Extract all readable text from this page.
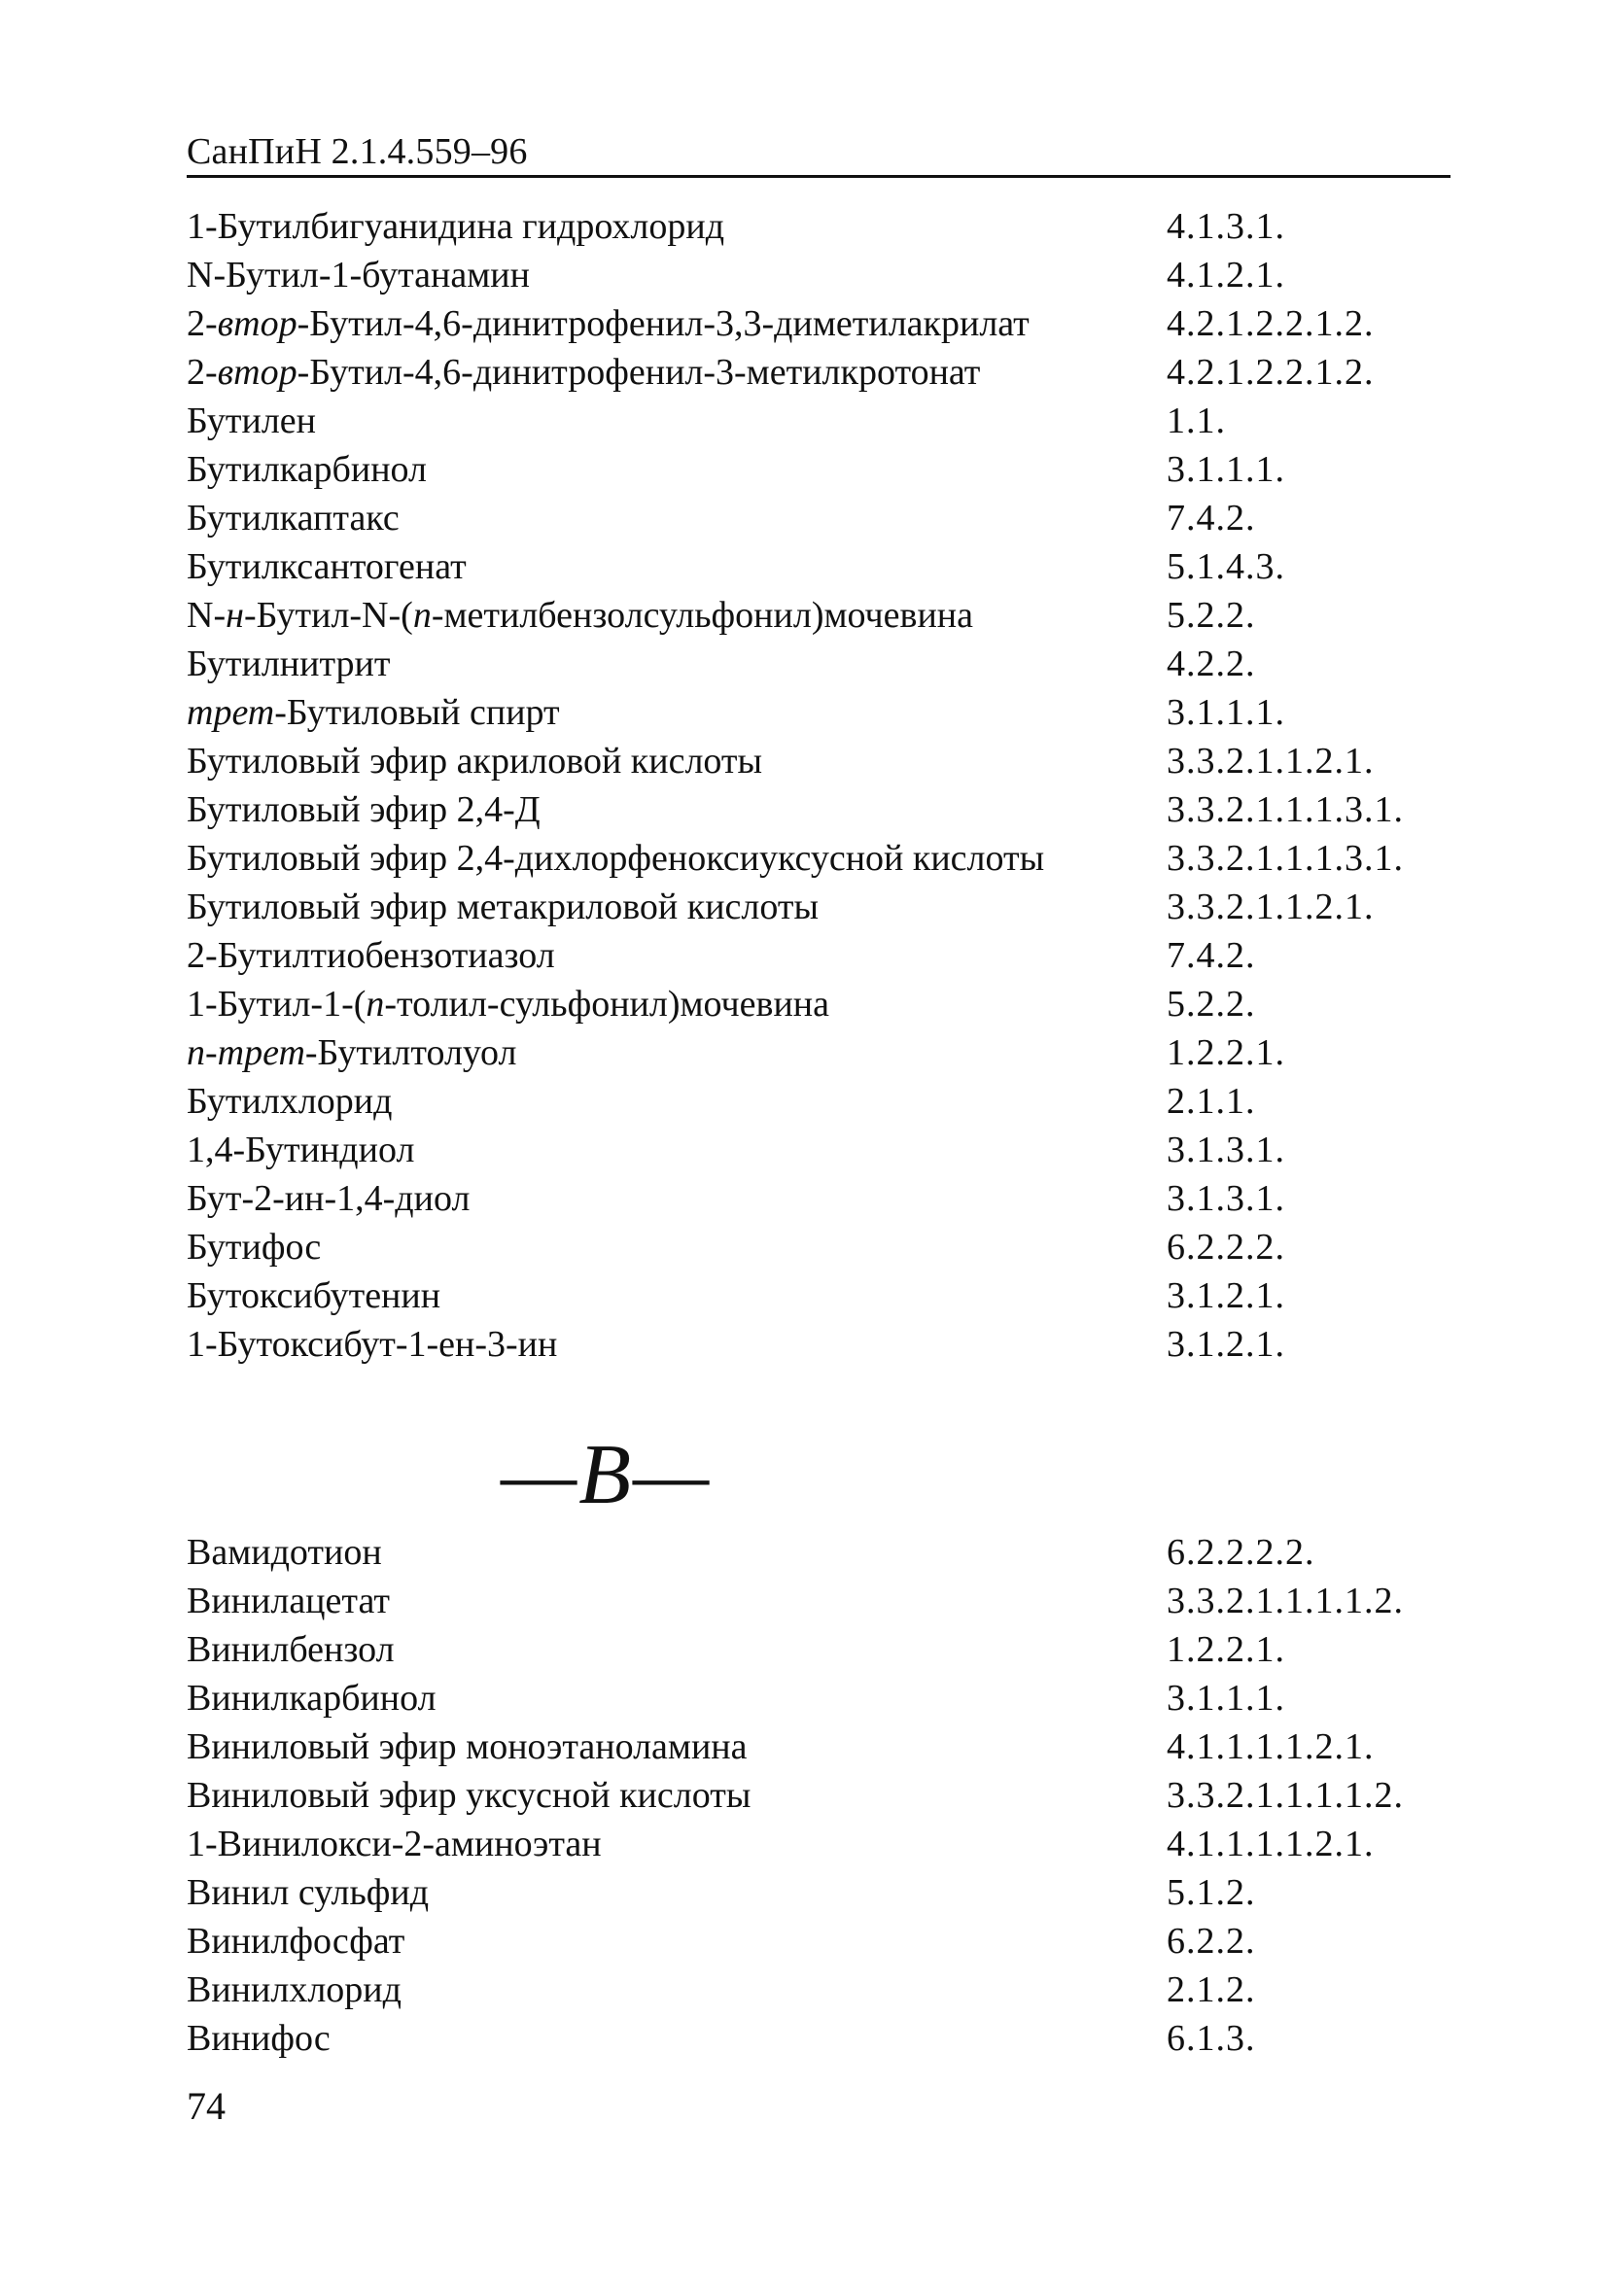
СанПиН 2.1.4.559–96
1-Бутилбигуанидина гидрохлорид	4.1.3.1.
N-Бутил-1-бутанамин	4.1.2.1.
2-втор-Бутил-4,6-динитрофенил-3,3-диметилакрилат	4.2.1.2.2.1.2.
2-втор-Бутил-4,6-динитрофенил-3-метилкротонат	4.2.1.2.2.1.2.
Бутилен	1.1.
Бутилкарбинол	3.1.1.1.
Бутилкаптакс	7.4.2.
Бутилксантогенат	5.1.4.3.
N-н-Бутил-N-(п-метилбензолсульфонил)мочевина	5.2.2.
Бутилнитрит	4.2.2.
трет-Бутиловый спирт	3.1.1.1.
Бутиловый эфир акриловой кислоты	3.3.2.1.1.2.1.
Бутиловый эфир 2,4-Д	3.3.2.1.1.1.3.1.
Бутиловый эфир 2,4-дихлорфеноксиуксусной кислоты	3.3.2.1.1.1.3.1.
Бутиловый эфир метакриловой кислоты	3.3.2.1.1.2.1.
2-Бутилтиобензотиазол	7.4.2.
1-Бутил-1-(п-толил-сульфонил)мочевина	5.2.2.
п-трет-Бутилтолуол	1.2.2.1.
Бутилхлорид	2.1.1.
1,4-Бутиндиол	3.1.3.1.
Бут-2-ин-1,4-диол	3.1.3.1.
Бутифос	6.2.2.2.
Бутоксибутенин	3.1.2.1.
1-Бутоксибут-1-ен-3-ин	3.1.2.1.
—В—
Вамидотион	6.2.2.2.2.
Винилацетат	3.3.2.1.1.1.1.2.
Винилбензол	1.2.2.1.
Винилкарбинол	3.1.1.1.
Виниловый эфир моноэтаноламина	4.1.1.1.1.2.1.
Виниловый эфир уксусной кислоты	3.3.2.1.1.1.1.2.
1-Винилокси-2-аминоэтан	4.1.1.1.1.2.1.
Винил сульфид	5.1.2.
Винилфосфат	6.2.2.
Винилхлорид	2.1.2.
Винифос	6.1.3.
74
